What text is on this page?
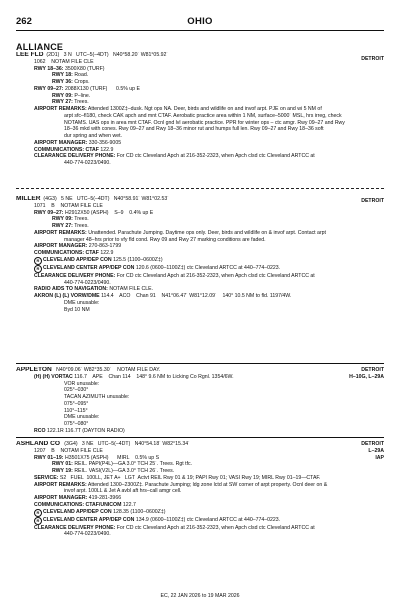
262	OHIO
ALLIANCE
DETROIT
LEE FLD  (2D1)   3 N   UTC–5(–4DT)   N40°58.20´ W81°05.92´
1062    NOTAM FILE CLE
RWY 18–36: 3500X80 (TURF)
RWY 18: Road.
RWY 36: Crops.
RWY 09–27: 2088X130 (TURF)      0.5% up E
RWY 09: P–line.
RWY 27: Trees.
AIRPORT REMARKS: Attended 1300Z‡–dusk. Ngt ops NA. Deer, birds and wildlife on and invof arpt. PJE on and wi 5 NM of
arpt sfc–fl180, check CAK apch and mnt CTAF. Aerobatic practice area within 1 NM, surface–5000´ MSL, hrs irreg, check
NOTAMS. UAS ops in area mnt CTAF. Ocnl gnd lvl aerobatic practice. PPR for winter ops – ctc amgr. Rwy 09–27 and Rwy
18–36 mkd with cones. Rwy 09–27 and Rwy 18–36 minor rut and humps full len. Rwy 09–27 and Rwy 18–36 soft
dur spring and when wet.
AIRPORT MANAGER: 330-356-9005
COMMUNICATIONS: CTAF 122.9
CLEARANCE DELIVERY PHONE: For CD ctc Cleveland Apch at 216-352-2323, when Apch clsd ctc Cleveland ARTCC at
440-774-0223/0490.
DETROIT
MILLER  (4G3)   5 NE   UTC–5(–4DT)   N40°58.91´ W81°02.53´
1071    B    NOTAM FILE CLE
RWY 09–27: H2912X50 (ASPH)    S–9    0.4% up E
RWY 09: Trees.
RWY 27: Trees.
AIRPORT REMARKS: Unattended. Parachute Jumping. Daytime ops only. Deer, birds and wildlife on & invof arpt. Contact arpt
manager 48–hrs prior to vfy fld cond. Rwy 09 and Rwy 27 marking conditions are faded.
AIRPORT MANAGER: 270-863-1799
COMMUNICATIONS: CTAF 122.9
R CLEVELAND APP/DEP CON 125.5 (1100–0600Z‡)
R CLEVELAND CENTER APP/DEP CON 120.6 (0600–1100Z‡) ctc Cleveland ARTCC at 440–774–0223.
CLEARANCE DELIVERY PHONE: For CD ctc Cleveland Apch at 216-352-2323, when Apch clsd ctc Cleveland ARTCC at
440-774-0223/0490.
RADIO AIDS TO NAVIGATION: NOTAM FILE CLE.
AKRON (L) (L) VORW/DME 114.4    ACO    Chan 91    N41°06.47´ W81°12.09´    140° 10.5 NM to fld. 1197/4W.
DME unusable:
Byd 10 NM
DETROIT
H–10G, L–29A
APPLETON   N40°09.06´ W82°35.30´    NOTAM FILE DAY.
(H) (H) VORTAC 116.7    APE    Chan 114    148° 9.6 NM to Licking Co Rgnl. 1354/6W.
VOR unusable:
025°–030°
TACAN AZIMUTH unusable:
075°–095°
110°–115°
DME unusable:
075°–080°
RCO 122.1R 116.7T (DAYTON RADIO)
DETROIT
L–29A
IAP
ASHLAND CO   (3G4)   3 NE   UTC–5(–4DT)   N40°54.18´ W82°15.34´
1207    B    NOTAM FILE CLE
RWY 01–19: H3501X75 (ASPH)      MIRL    0.5% up S
RWY 01: REIL. PAPI(P4L)—GA 3.0° TCH 25´. Trees. Rgt tfc.
RWY 19: REIL. VASI(V2L)—GA 3.0° TCH 26´. Trees.
SERVICE: S2   FUEL  100LL, JET A+   LGT  Actvt REIL Rwy 01 & 19; PAPI Rwy 01; VASI Rwy 19; MIRL Rwy 01–19—CTAF.
AIRPORT REMARKS: Attended 1300–2300Z‡. Parachute Jumping; ldg zone lctd at SW corner of arpt property. Ocnl deer on &
invof arpt. 100LL & Jet A avbl aft hrs–call amgr cell.
AIRPORT MANAGER: 419-281-3966
COMMUNICATIONS: CTAF/UNICOM 122.7
R CLEVELAND APP/DEP CON 128.35 (1100–0600Z‡)
R CLEVELAND CENTER APP/DEP CON 134.9 (0600–1100Z‡) ctc Cleveland ARTCC at 440–774–0223.
CLEARANCE DELIVERY PHONE: For CD ctc Cleveland Apch at 216-352-2323, when Apch clsd ctc Cleveland ARTCC at
440-774-0223/0490.
EC, 22 JAN 2026 to 19 MAR 2026
